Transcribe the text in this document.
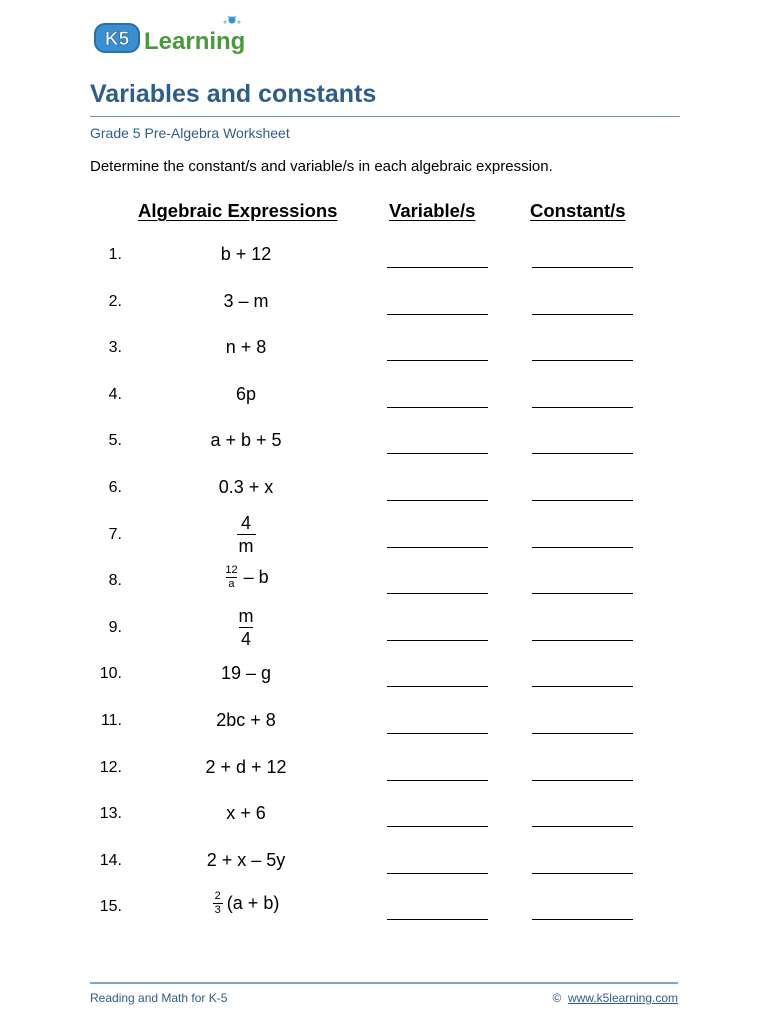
K5 Learning
Variables and constants
Grade 5 Pre-Algebra Worksheet
Determine the constant/s and variable/s in each algebraic expression.
Algebraic Expressions	Variable/s	Constant/s
1.	b + 12
2.	3 – m
3.	n + 8
4.	6p
5.	a + b + 5
6.	0.3 + x
7.	$\frac{4}{m}$
8.	$\frac{12}{a}$ – b
9.	$\frac{m}{4}$
10.	19 – g
11.	2bc + 8
12.	2 + d + 12
13.	x + 6
14.	2 + x – 5y
15.	$\frac{2}{3} (a + b)$
Reading and Math for K-5	© www.k5learning.com
